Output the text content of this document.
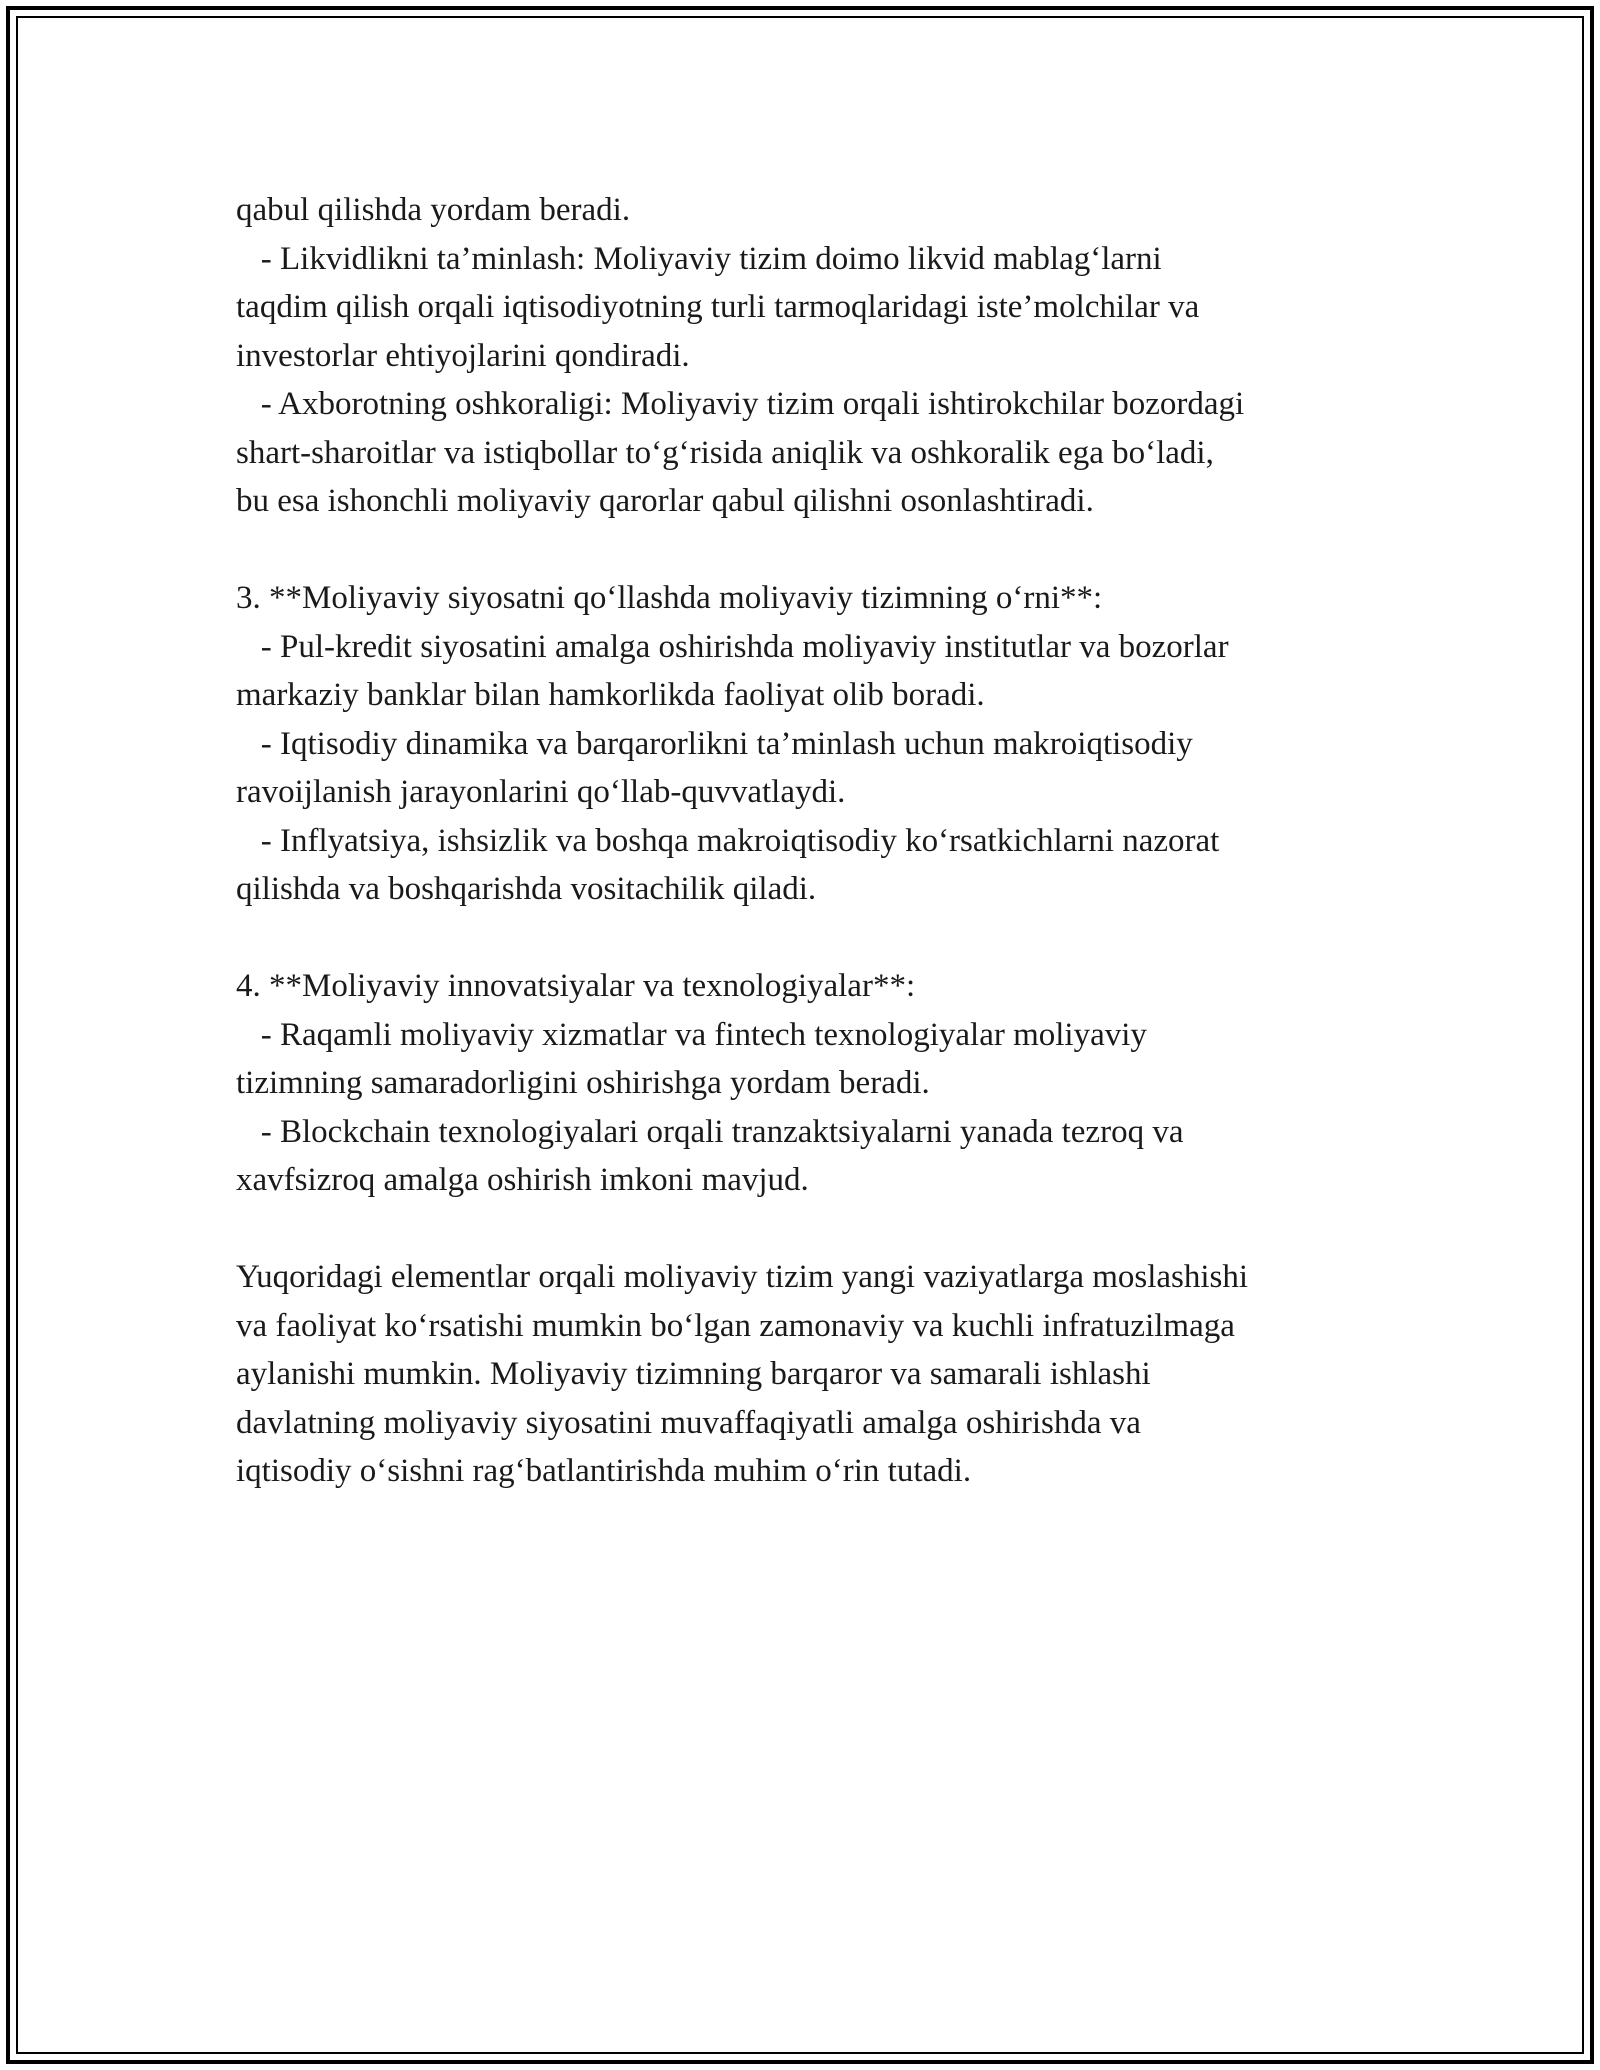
qabul qilishda yordam beradi.

- Likvidlikni ta’minlash: Moliyaviy tizim doimo likvid mablag‘larni

taqdim qilish orqali iqtisodiyotning turli tarmoqlaridagi iste’molchilar va

investorlar ehtiyojlarini qondiradi.

- Axborotning oshkoraligi: Moliyaviy tizim orqali ishtirokchilar bozordagi

shart-sharoitlar va istiqbollar to‘g‘risida aniqlik va oshkoralik ega bo‘ladi,

bu esa ishonchli moliyaviy qarorlar qabul qilishni osonlashtiradi.

3. **Moliyaviy siyosatni qo‘llashda moliyaviy tizimning o‘rni**:

- Pul-kredit siyosatini amalga oshirishda moliyaviy institutlar va bozorlar

markaziy banklar bilan hamkorlikda faoliyat olib boradi.

- Iqtisodiy dinamika va barqarorlikni ta’minlash uchun makroiqtisodiy

ravoijlanish jarayonlarini qo‘llab-quvvatlaydi.

- Inflyatsiya, ishsizlik va boshqa makroiqtisodiy ko‘rsatkichlarni nazorat

qilishda va boshqarishda vositachilik qiladi.

4. **Moliyaviy innovatsiyalar va texnologiyalar**:

- Raqamli moliyaviy xizmatlar va fintech texnologiyalar moliyaviy

tizimning samaradorligini oshirishga yordam beradi.

- Blockchain texnologiyalari orqali tranzaktsiyalarni yanada tezroq va

xavfsizroq amalga oshirish imkoni mavjud.

Yuqoridagi elementlar orqali moliyaviy tizim yangi vaziyatlarga moslashishi

va faoliyat ko‘rsatishi mumkin bo‘lgan zamonaviy va kuchli infratuzilmaga

aylanishi mumkin. Moliyaviy tizimning barqaror va samarali ishlashi

davlatning moliyaviy siyosatini muvaffaqiyatli amalga oshirishda va

iqtisodiy o‘sishni rag‘batlantirishda muhim o‘rin tutadi.
